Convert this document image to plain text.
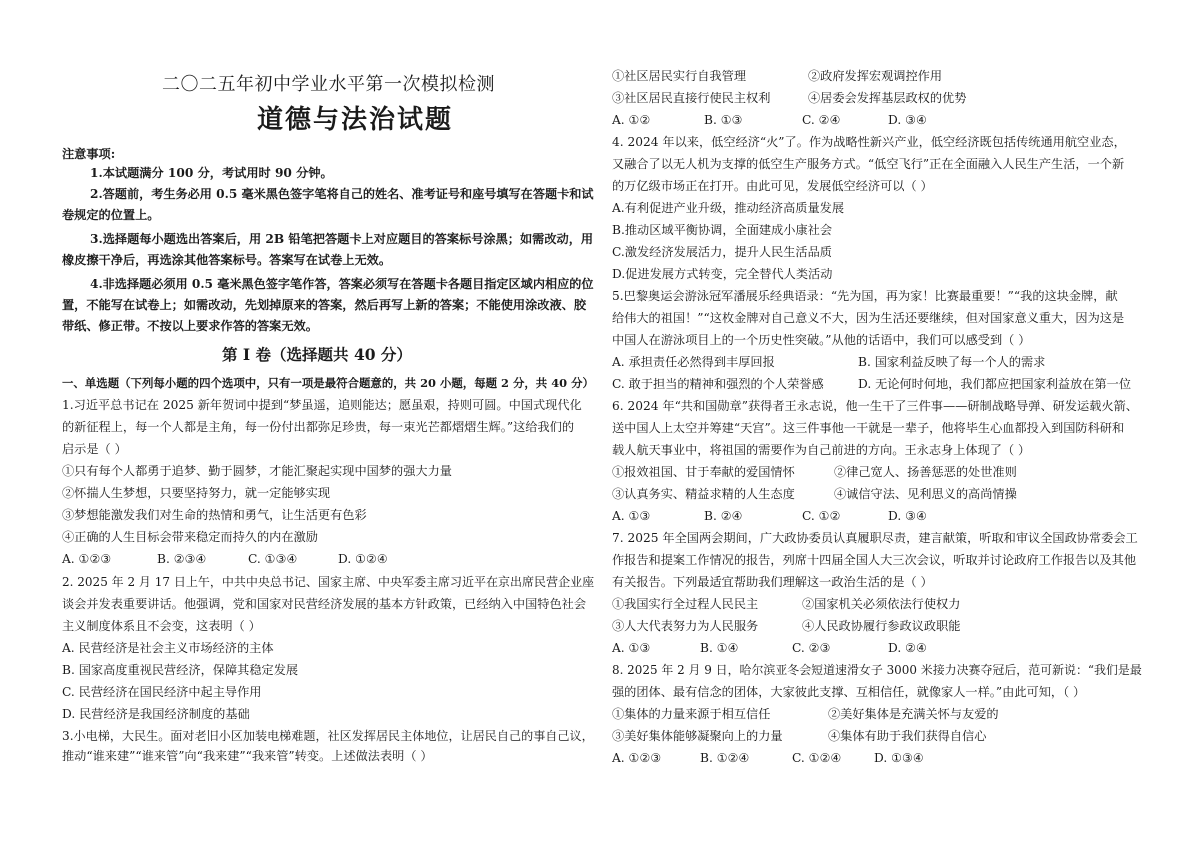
二〇二五年初中学业水平第一次模拟检测
道德与法治试题
注意事项:
1.本试题满分 100 分，考试用时 90 分钟。
2.答题前，考生务必用 0.5 毫米黑色签字笔将自己的姓名、准考证号和座号填写在答题卡和试
卷规定的位置上。
3.选择题每小题选出答案后，用 2B 铅笔把答题卡上对应题目的答案标号涂黑；如需改动，用
橡皮擦干净后，再选涂其他答案标号。答案写在试卷上无效。
4.非选择题必须用 0.5 毫米黑色签字笔作答，答案必须写在答题卡各题目指定区域内相应的位
置，不能写在试卷上；如需改动，先划掉原来的答案，然后再写上新的答案；不能使用涂改液、胶
带纸、修正带。不按以上要求作答的答案无效。
第 I 卷（选择题共 40 分）
一、单选题（下列每小题的四个选项中，只有一项是最符合题意的，共 20 小题，每题 2 分，共 40 分）
1.习近平总书记在 2025 新年贺词中提到“梦虽遥，追则能达；愿虽艰，持则可圆。中国式现代化
的新征程上，每一个人都是主角，每一份付出都弥足珍贵，每一束光芒都熠熠生辉。”这给我们的
启示是（ ）
①只有每个人都勇于追梦、勤于圆梦，才能汇聚起实现中国梦的强大力量
②怀揣人生梦想，只要坚持努力，就一定能够实现
③梦想能激发我们对生命的热情和勇气，让生活更有色彩
④正确的人生目标会带来稳定而持久的内在激励
A. ①②③	B. ②③④	C. ①③④	D. ①②④
2. 2025 年 2 月 17 日上午，中共中央总书记、国家主席、中央军委主席习近平在京出席民营企业座
谈会并发表重要讲话。他强调，党和国家对民营经济发展的基本方针政策，已经纳入中国特色社会
主义制度体系且不会变，这表明（ ）
A. 民营经济是社会主义市场经济的主体
B. 国家高度重视民营经济，保障其稳定发展
C. 民营经济在国民经济中起主导作用
D. 民营经济是我国经济制度的基础
3.小电梯，大民生。面对老旧小区加装电梯难题，社区发挥居民主体地位，让居民自己的事自己议，
推动“谁来建”“谁来管”向“我来建”“我来管”转变。上述做法表明（ ）
①社区居民实行自我管理	②政府发挥宏观调控作用
③社区居民直接行使民主权利	④居委会发挥基层政权的优势
A. ①②	B. ①③	C. ②④	D. ③④
4. 2024 年以来，低空经济“火”了。作为战略性新兴产业，低空经济既包括传统通用航空业态，
又融合了以无人机为支撑的低空生产服务方式。“低空飞行”正在全面融入人民生产生活，一个新
的万亿级市场正在打开。由此可见，发展低空经济可以（ ）
A.有利促进产业升级，推动经济高质量发展
B.推动区域平衡协调，全面建成小康社会
C.激发经济发展活力，提升人民生活品质
D.促进发展方式转变，完全替代人类活动
5.巴黎奥运会游泳冠军潘展乐经典语录：“先为国，再为家！比赛最重要！”“我的这块金牌，献
给伟大的祖国！”“这枚金牌对自己意义不大，因为生活还要继续，但对国家意义重大，因为这是
中国人在游泳项目上的一个历史性突破。”从他的话语中，我们可以感受到（ ）
A. 承担责任必然得到丰厚回报	B. 国家利益反映了每一个人的需求
C. 敢于担当的精神和强烈的个人荣誉感	D. 无论何时何地，我们都应把国家利益放在第一位
6. 2024 年“共和国勋章”获得者王永志说，他一生干了三件事——研制战略导弹、研发运载火箭、
送中国人上太空并筹建“天宫”。这三件事他一干就是一辈子，他将毕生心血都投入到国防科研和
载人航天事业中，将祖国的需要作为自己前进的方向。王永志身上体现了（ ）
①报效祖国、甘于奉献的爱国情怀	②律己宽人、扬善惩恶的处世准则
③认真务实、精益求精的人生态度	④诚信守法、见利思义的高尚情操
A. ①③	B. ②④	C. ①②	D. ③④
7. 2025 年全国两会期间，广大政协委员认真履职尽责，建言献策，听取和审议全国政协常委会工
作报告和提案工作情况的报告，列席十四届全国人大三次会议，听取并讨论政府工作报告以及其他
有关报告。下列最适宜帮助我们理解这一政治生活的是（ ）
①我国实行全过程人民民主	②国家机关必须依法行使权力
③人大代表努力为人民服务	④人民政协履行参政议政职能
A. ①③	B. ①④	C. ②③	D. ②④
8. 2025 年 2 月 9 日，哈尔滨亚冬会短道速滑女子 3000 米接力决赛夺冠后，范可新说：“我们是最
强的团体、最有信念的团体，大家彼此支撑、互相信任，就像家人一样。”由此可知，（ ）
①集体的力量来源于相互信任	②美好集体是充满关怀与友爱的
③美好集体能够凝聚向上的力量	④集体有助于我们获得自信心
A. ①②③	B. ①②④	C. ①②④	D. ①③④
